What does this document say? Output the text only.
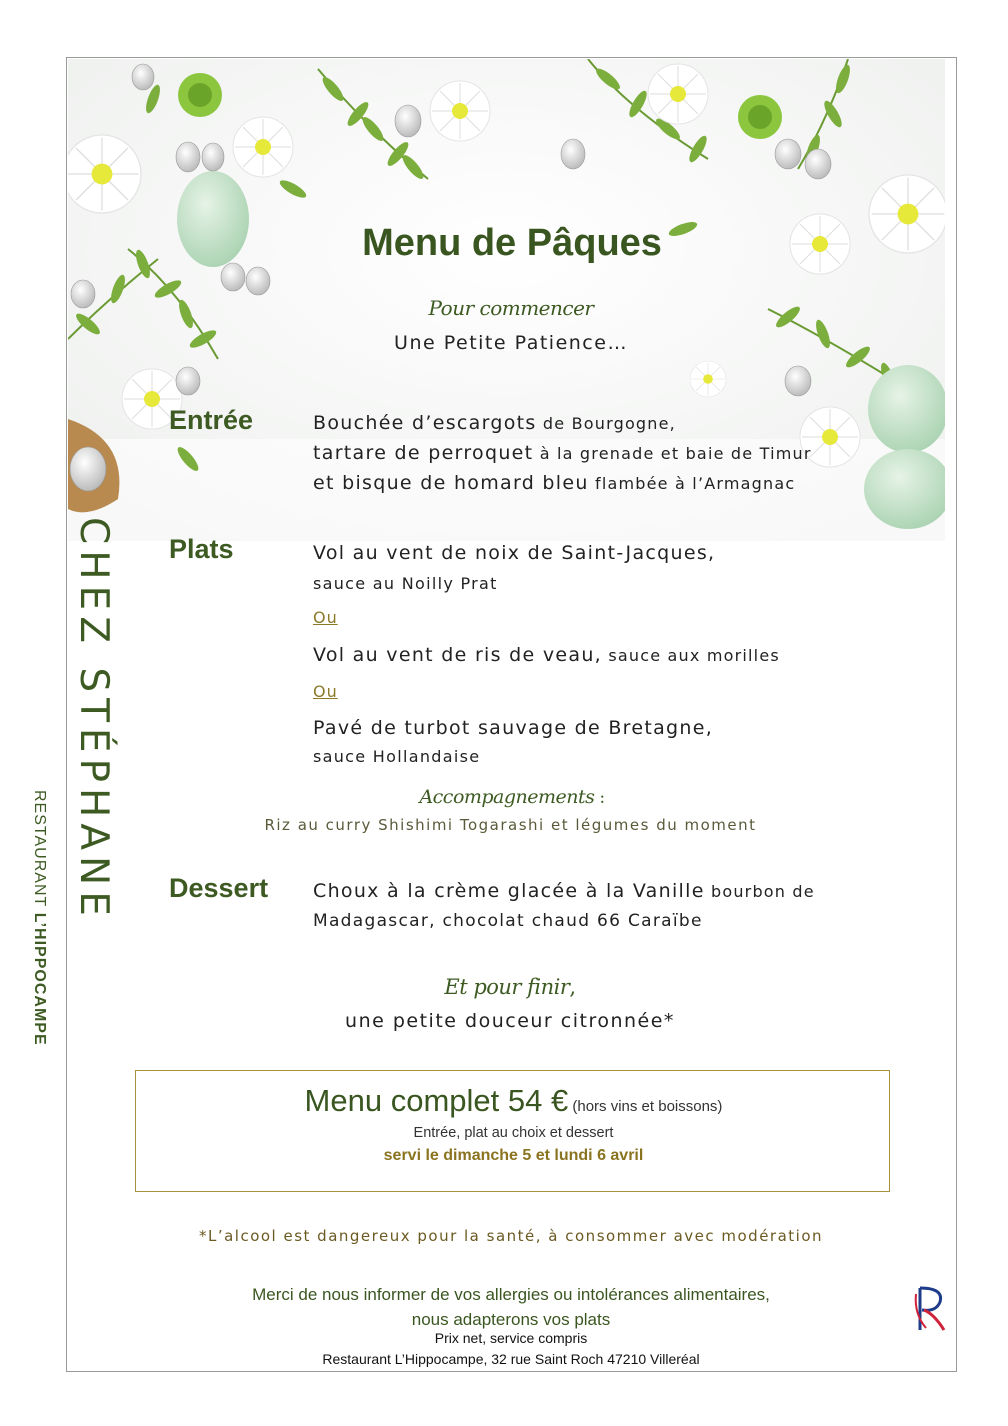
CHEZ STÉPHANE
RESTAURANT L’HIPPOCAMPE
Menu de Pâques
Pour commencer
Une Petite Patience…
Entrée	Bouchée d’escargots de Bourgogne,
tartare de perroquet à la grenade et baie de Timur
et bisque de homard bleu flambée à l’Armagnac
Plats	Vol au vent de noix de Saint-Jacques,
sauce au Noilly Prat
Ou
Vol au vent de ris de veau, sauce aux morilles
Ou
Pavé de turbot sauvage de Bretagne,
sauce Hollandaise
Accompagnements :
Riz au curry Shishimi Togarashi et légumes du moment
Dessert Choux à la crème glacée à la Vanille bourbon de
Madagascar, chocolat chaud 66 Caraïbe
Et pour finir,
une petite douceur citronnée*
Menu complet 54 € (hors vins et boissons)
Entrée, plat au choix et dessert
servi le dimanche 5 et lundi 6 avril
*L’alcool est dangereux pour la santé, à consommer avec modération
Merci de nous informer de vos allergies ou intolérances alimentaires,
nous adapterons vos plats
Prix net, service compris
Restaurant L’Hippocampe, 32 rue Saint Roch 47210 Villeréal
